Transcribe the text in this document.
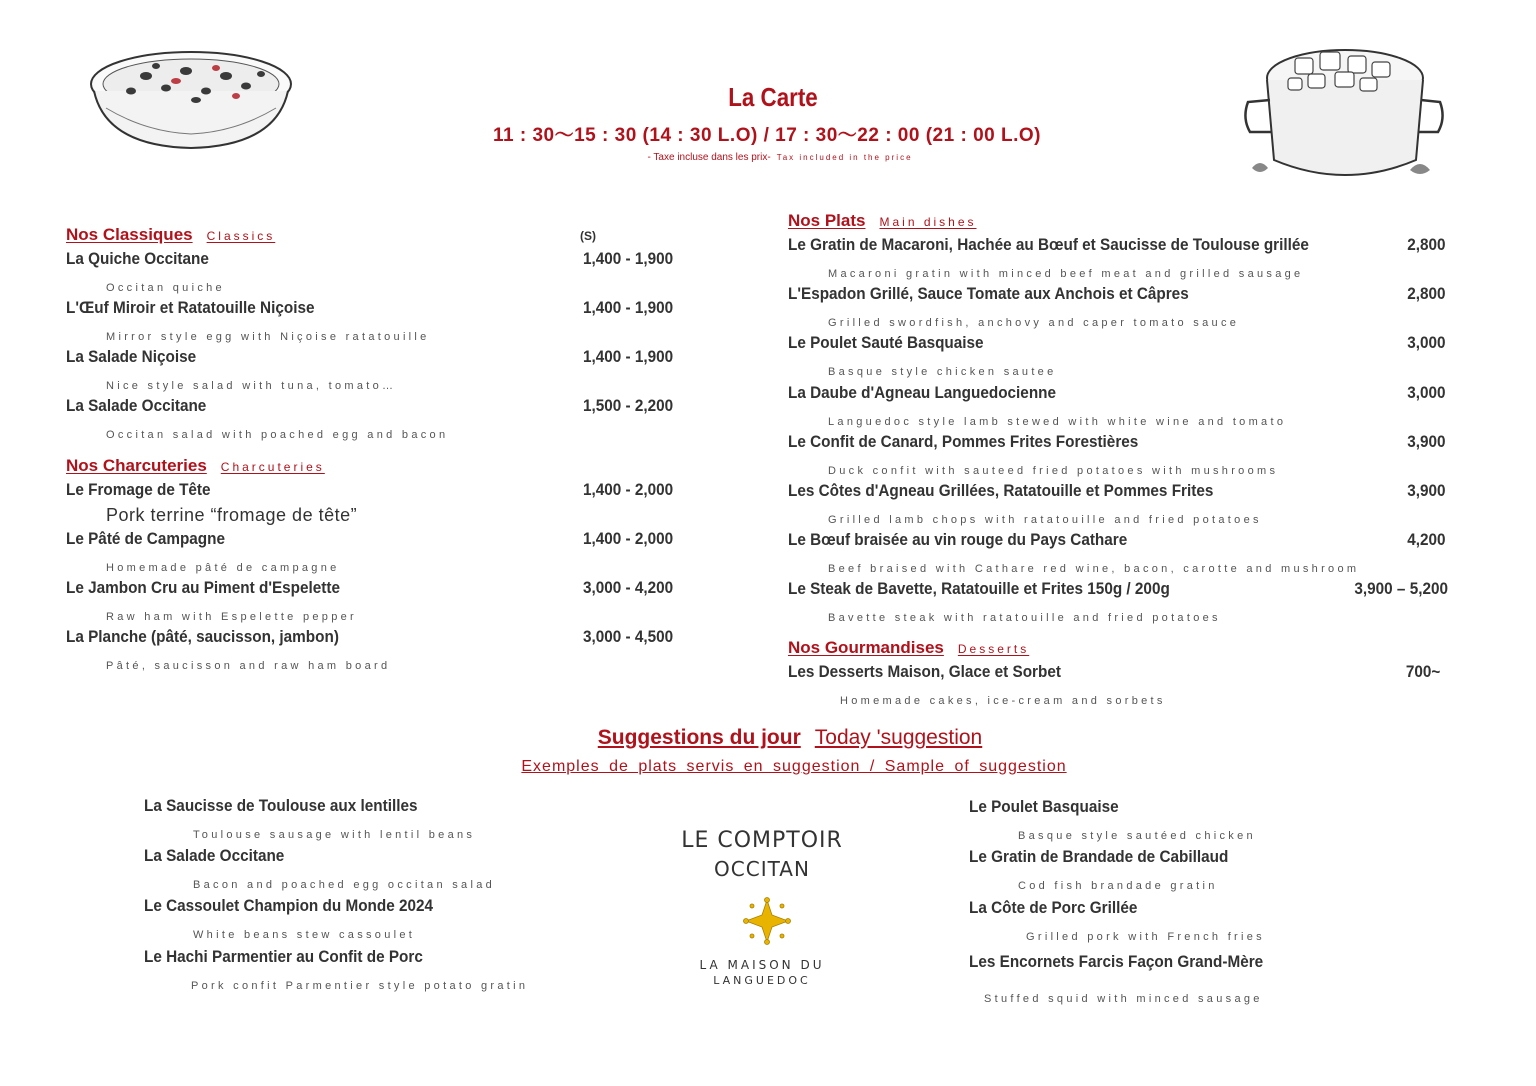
La Carte
11 : 30～15 : 30 (14 : 30 L.O) / 17 : 30～22 : 00 (21 : 00 L.O)
- Taxe incluse dans les prix- Tax included in the price
Nos Classiques Classics	(S)
La Quiche Occitane	1,400 - 1,900
Occitan quiche
L'Œuf Miroir et Ratatouille Niçoise	1,400 - 1,900
Mirror style egg with Niçoise ratatouille
La Salade Niçoise	1,400 - 1,900
Nice style salad with tuna, tomato…
La Salade Occitane	1,500 - 2,200
Occitan salad with poached egg and bacon
Nos Charcuteries Charcuteries
Le Fromage de Tête	1,400 - 2,000
Pork terrine “fromage de tête”
Le Pâté de Campagne	1,400 - 2,000
Homemade pâté de campagne
Le Jambon Cru au Piment d'Espelette	3,000 - 4,200
Raw ham with Espelette pepper
La Planche (pâté, saucisson, jambon)	3,000 - 4,500
Pâté, saucisson and raw ham board
Nos Plats Main dishes
Le Gratin de Macaroni, Hachée au Bœuf et Saucisse de Toulouse grillée	2,800
Macaroni gratin with minced beef meat and grilled sausage
L'Espadon Grillé, Sauce Tomate aux Anchois et Câpres	2,800
Grilled swordfish, anchovy and caper tomato sauce
Le Poulet Sauté Basquaise	3,000
Basque style chicken sautee
La Daube d'Agneau Languedocienne	3,000
Languedoc style lamb stewed with white wine and tomato
Le Confit de Canard, Pommes Frites Forestières	3,900
Duck confit with sauteed fried potatoes with mushrooms
Les Côtes d'Agneau Grillées, Ratatouille et Pommes Frites	3,900
Grilled lamb chops with ratatouille and fried potatoes
Le Bœuf braisée au vin rouge du Pays Cathare	4,200
Beef braised with Cathare red wine, bacon, carotte and mushroom
Le Steak de Bavette, Ratatouille et Frites 150g / 200g	3,900 – 5,200
Bavette steak with ratatouille and fried potatoes
Nos Gourmandises Desserts
Les Desserts Maison, Glace et Sorbet	700~
Homemade cakes, ice-cream and sorbets
Suggestions du jour Today 'suggestion
Exemples de plats servis en suggestion / Sample of suggestion
La Saucisse de Toulouse aux lentilles
Toulouse sausage with lentil beans
La Salade Occitane
Bacon and poached egg occitan salad
Le Cassoulet Champion du Monde 2024
White beans stew cassoulet
Le Hachi Parmentier au Confit de Porc
Pork confit Parmentier style potato gratin
Le Poulet Basquaise
Basque style sautéed chicken
Le Gratin de Brandade de Cabillaud
Cod fish brandade gratin
La Côte de Porc Grillée
Grilled pork with French fries
Les Encornets Farcis Façon Grand-Mère
Stuffed squid with minced sausage
LE COMPTOIR
OCCITAN
LA MAISON DU
LANGUEDOC
